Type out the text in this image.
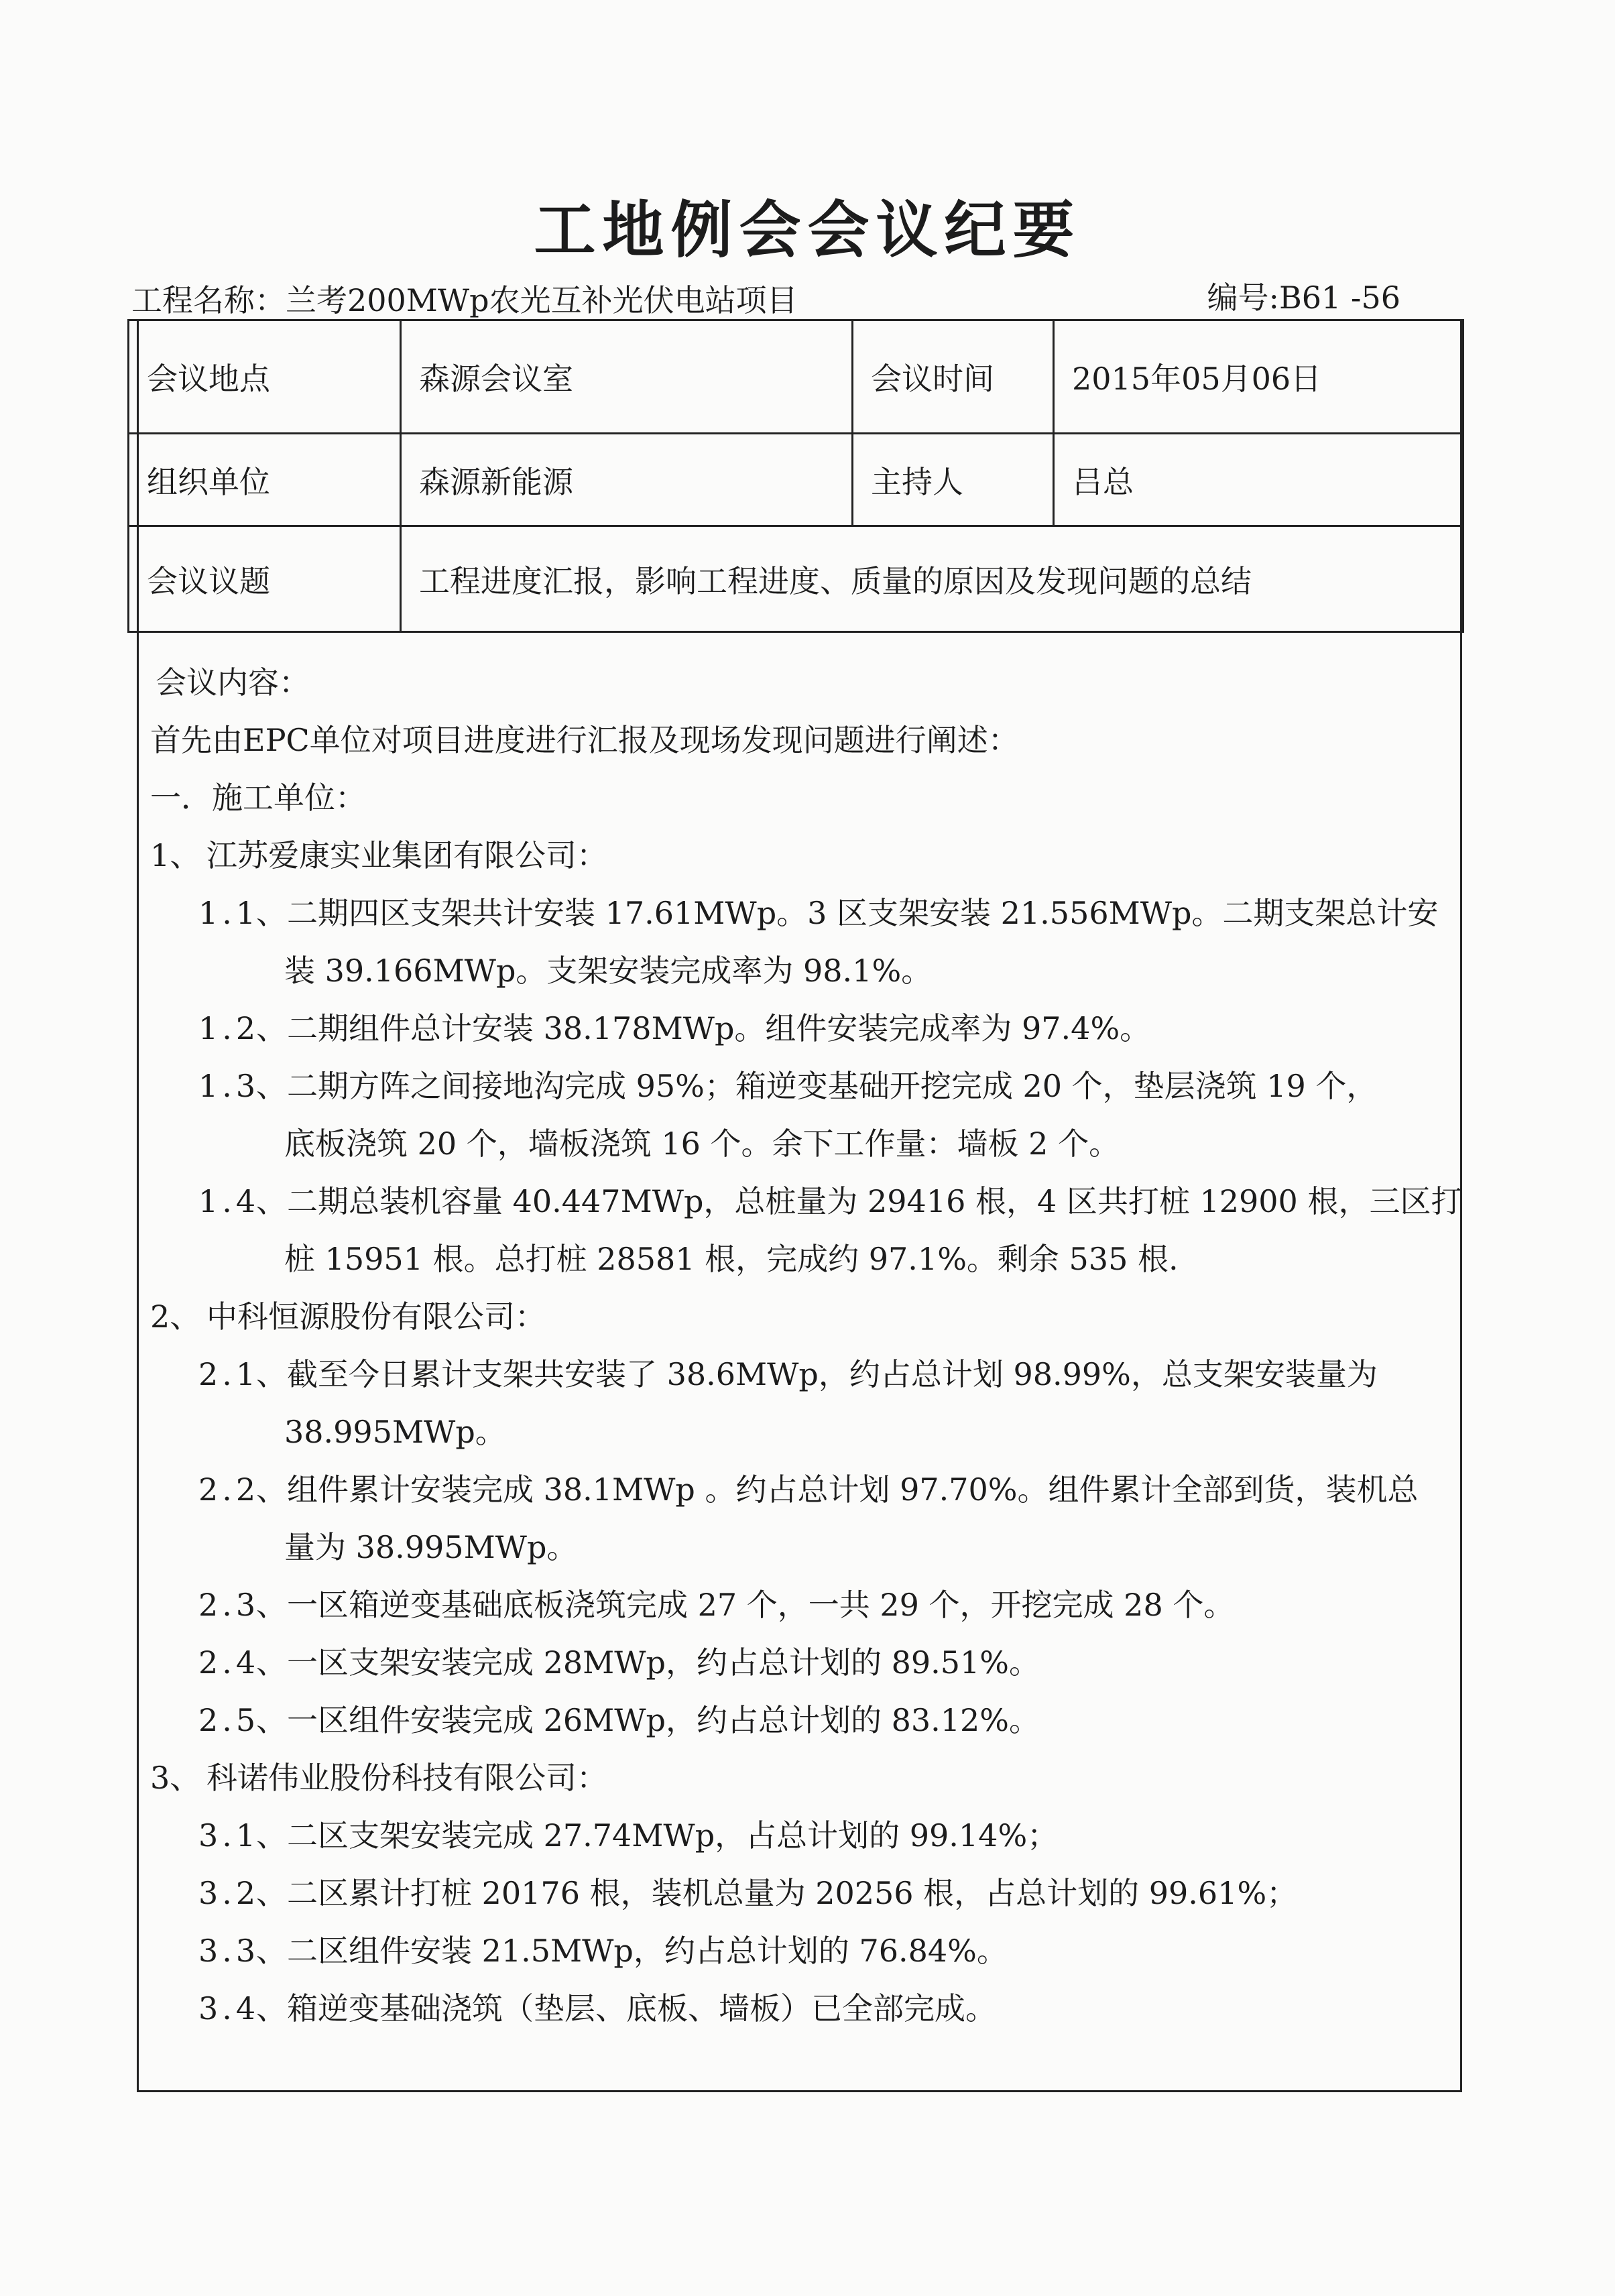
工地例会会议纪要
工程名称：兰考200MWp农光互补光伏电站项目	编号:B61 -56
会议地点	森源会议室	会议时间	2015年05月06日
组织单位	森源新能源	主持人	吕总
会议议题	工程进度汇报，影响工程进度、质量的原因及发现问题的总结		
会议内容：
首先由EPC单位对项目进度进行汇报及现场发现问题进行阐述：
一．施工单位：
1、 江苏爱康实业集团有限公司：
1.1、二期四区支架共计安装 17.61MWp。3 区支架安装 21.556MWp。二期支架总计安
装 39.166MWp。支架安装完成率为 98.1%。
1.2、二期组件总计安装 38.178MWp。组件安装完成率为 97.4%。
1.3、二期方阵之间接地沟完成 95%；箱逆变基础开挖完成 20 个，垫层浇筑 19 个，
底板浇筑 20 个，墙板浇筑 16 个。余下工作量：墙板 2 个。
1.4、二期总装机容量 40.447MWp，总桩量为 29416 根，4 区共打桩 12900 根，三区打
桩 15951 根。总打桩 28581 根，完成约 97.1%。剩余 535 根.
2、 中科恒源股份有限公司：
2.1、截至今日累计支架共安装了 38.6MWp，约占总计划 98.99%，总支架安装量为
38.995MWp。
2.2、组件累计安装完成 38.1MWp 。约占总计划 97.70%。组件累计全部到货，装机总
量为 38.995MWp。
2.3、一区箱逆变基础底板浇筑完成 27 个，一共 29 个，开挖完成 28 个。
2.4、一区支架安装完成 28MWp，约占总计划的 89.51%。
2.5、一区组件安装完成 26MWp，约占总计划的 83.12%。
3、 科诺伟业股份科技有限公司：
3.1、二区支架安装完成 27.74MWp，占总计划的 99.14%；
3.2、二区累计打桩 20176 根，装机总量为 20256 根，占总计划的 99.61%；
3.3、二区组件安装 21.5MWp，约占总计划的 76.84%。
3.4、箱逆变基础浇筑（垫层、底板、墙板）已全部完成。
